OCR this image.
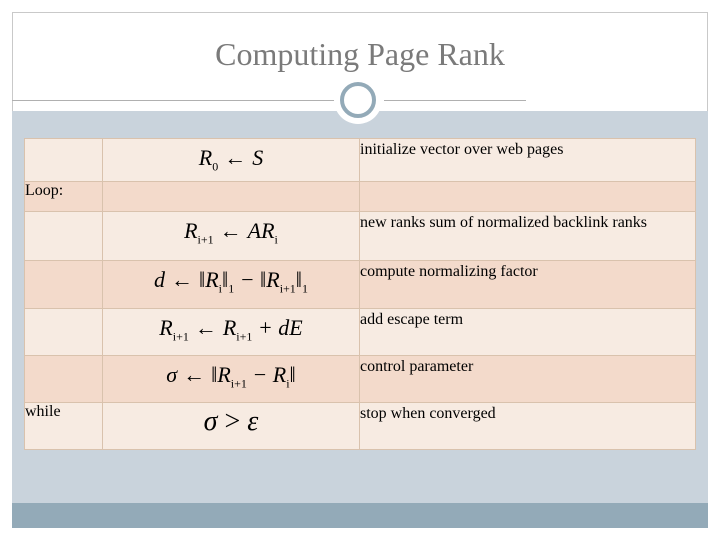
Computing Page Rank
	$R_0$ ← S	initialize vector over web pages
Loop:		
	$R_{i+1}$ ← $AR_i$	new ranks sum of normalized backlink ranks
	d ← $‖R_i‖_1$ − $‖R_{i+1}‖_1$	compute normalizing factor
	$R_{i+1}$ ← $R_{i+1}$ + dE	add escape term
	σ ← $‖R_{i+1}$ − $R_i‖$	control parameter
while	σ > ε	stop when converged
